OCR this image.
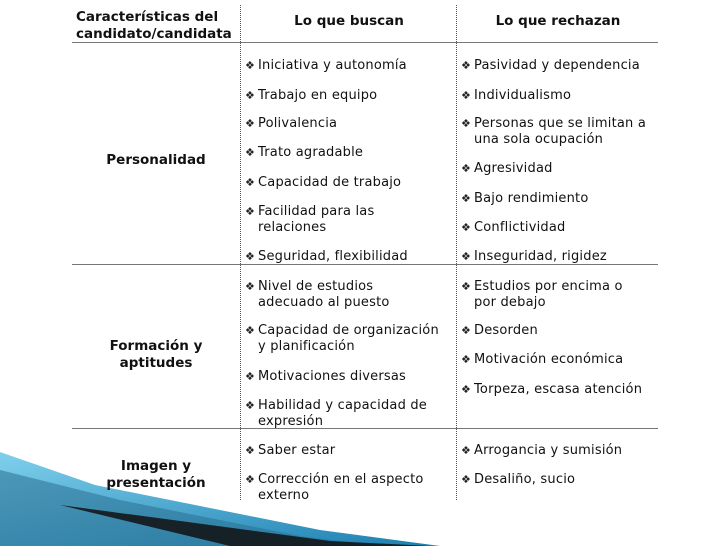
Características del candidato/candidata
Lo que buscan	Lo que rechazan
Personalidad
❖ Iniciativa y autonomía
❖ Trabajo en equipo
❖ Polivalencia
❖ Trato agradable
❖ Capacidad de trabajo
❖ Facilidad para las relaciones
❖ Seguridad, flexibilidad
❖ Nivel de estudios adecuado al puesto
❖ Capacidad de organización y planificación
❖ Motivaciones diversas
❖ Habilidad y capacidad de expresión
❖ Saber estar
❖ Corrección en el aspecto externo
❖ Pasividad y dependencia
❖ Individualismo
❖ Personas que se limitan a una sola ocupación
❖ Agresividad
❖ Bajo rendimiento
❖ Conflictividad
❖ Inseguridad, rigidez
❖ Estudios por encima o por debajo
❖ Desorden
❖ Motivación económica
❖ Torpeza, escasa atención
❖ Arrogancia y sumisión
❖ Desaliño, sucio
Formación y aptitudes
Imagen y presentación
